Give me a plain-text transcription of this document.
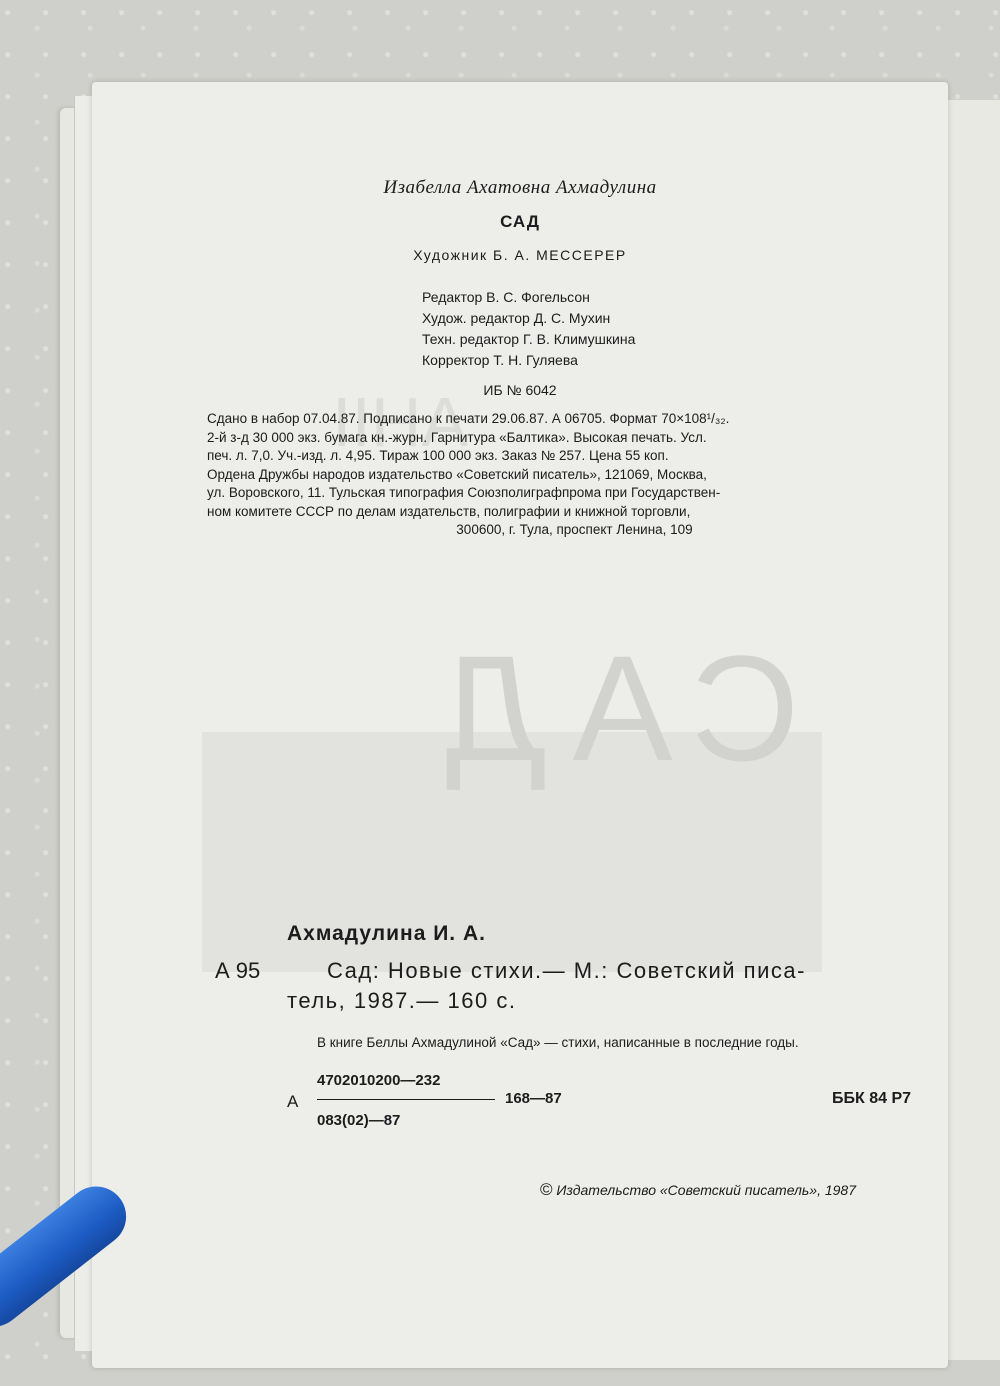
ΑΗΙΙ
САД
Изабелла Ахатовна Ахмадулина
САД
Художник Б. А. МЕССЕРЕР
Редактор В. С. Фогельсон
Худож. редактор Д. С. Мухин
Техн. редактор Г. В. Климушкина
Корректор Т. Н. Гуляева
ИБ № 6042
Сдано в набор 07.04.87. Подписано к печати 29.06.87. А 06705. Формат 70×108¹/₃₂.
2-й з-д 30 000 экз. бумага кн.-журн. Гарнитура «Балтика». Высокая печать. Усл.
печ. л. 7,0. Уч.-изд. л. 4,95. Тираж 100 000 экз. Заказ № 257. Цена 55 коп.
Ордена Дружбы народов издательство «Советский писатель», 121069, Москва,
ул. Воровского, 11. Тульская типография Союзполиграфпрома при Государствен-
ном комитете СССР по делам издательств, полиграфии и книжной торговли,
300600, г. Тула, проспект Ленина, 109
Ахмадулина И. А.
А 95	Сад: Новые стихи.— М.: Советский писа-
тель, 1987.— 160 с.
В книге Беллы Ахмадулиной «Сад» — стихи, написанные в последние годы.
А
4702010200—232
168—87
083(02)—87
ББК 84 Р7
© Издательство «Советский писатель», 1987
